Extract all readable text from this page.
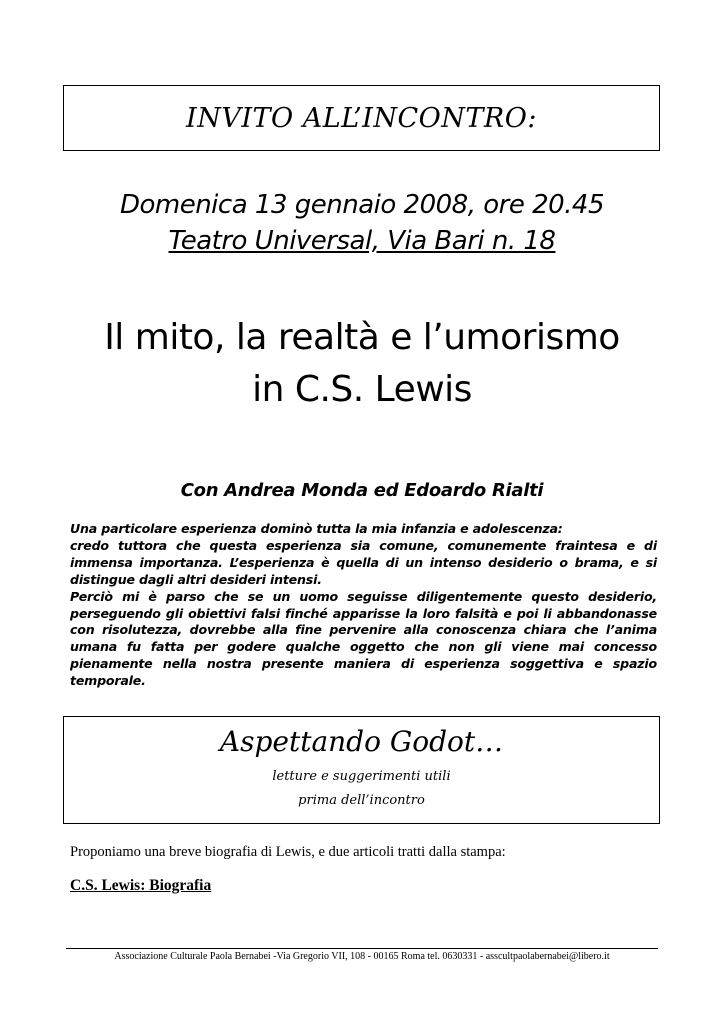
INVITO ALL’INCONTRO:
Domenica 13 gennaio 2008, ore 20.45
Teatro Universal, Via Bari n. 18
Il mito, la realtà e l’umorismo
in C.S. Lewis
Con Andrea Monda ed Edoardo Rialti

Una particolare esperienza dominò tutta la mia infanzia e adolescenza:

credo tuttora che questa esperienza sia comune, comunemente fraintesa e di immensa importanza. L’esperienza è quella di un intenso desiderio o brama, e si distingue dagli altri desideri intensi.

Perciò mi è parso che se un uomo seguisse diligentemente questo desiderio, perseguendo gli obiettivi falsi finché apparisse la loro falsità e poi li abbandonasse con risolutezza, dovrebbe alla fine pervenire alla conoscenza chiara che l’anima umana fu fatta per godere qualche oggetto che non gli viene mai concesso pienamente nella nostra presente maniera di esperienza soggettiva e spazio temporale.

Aspettando Godot…
letture e suggerimenti utili
prima dell’incontro
Proponiamo una breve biografia di Lewis, e due articoli tratti dalla stampa:
C.S. Lewis: Biografia
Associazione Culturale Paola Bernabei -Via Gregorio VII, 108 - 00165 Roma tel. 0630331 - asscultpaolabernabei@libero.it
